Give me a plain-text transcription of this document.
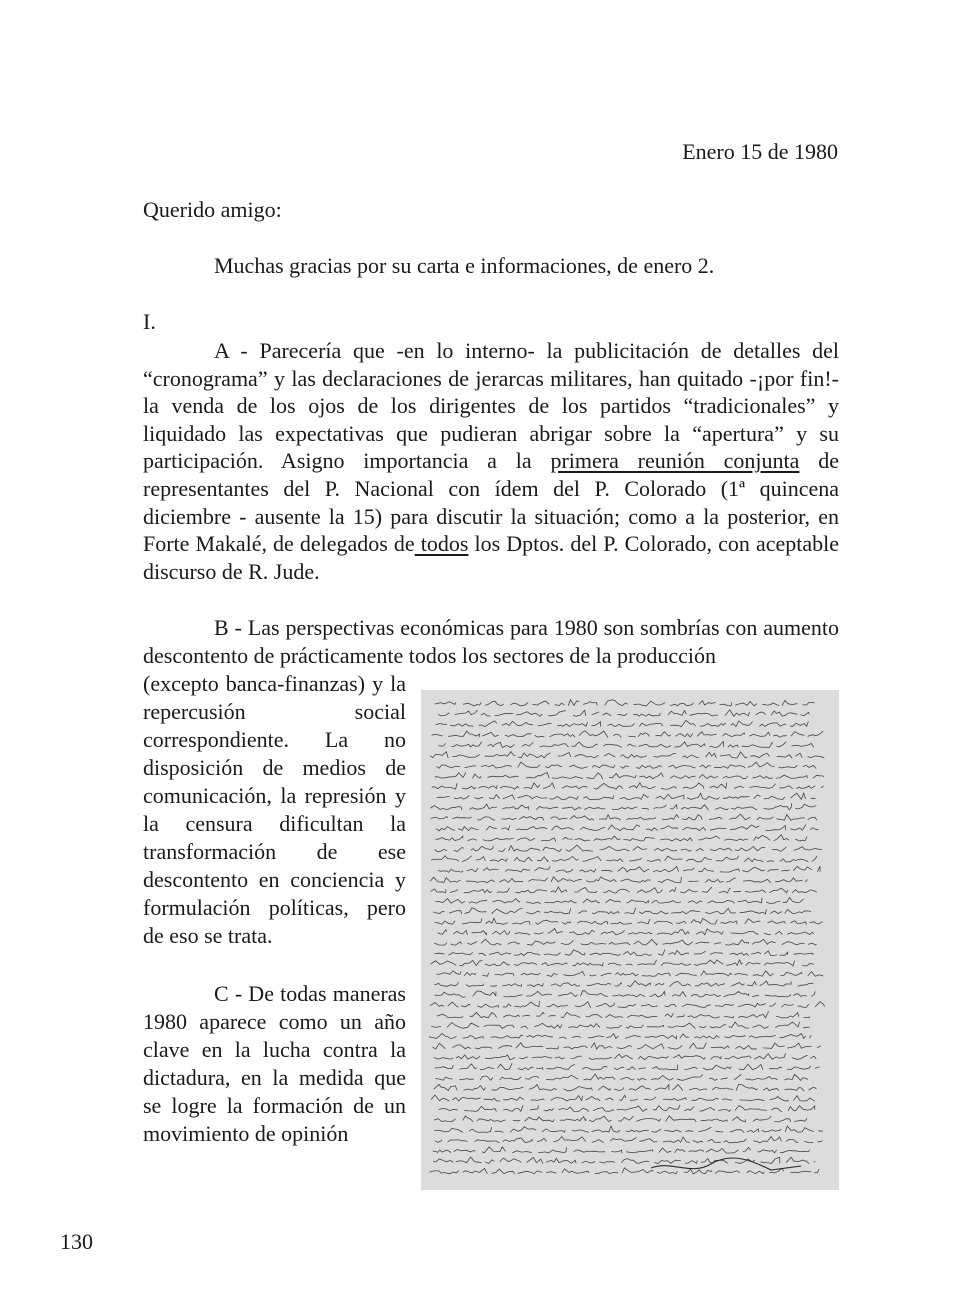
Enero 15 de 1980
Querido amigo:
Muchas gracias por su carta e informaciones, de enero 2.
I.
A - Parecería que -en lo interno- la publicitación de detalles del “cronograma” y las declaraciones de jerarcas militares, han quitado -¡por fin!- la venda de los ojos de los dirigentes de los partidos “tradicionales” y liquidado las expectativas que pudieran abrigar sobre la “apertura” y su participación. Asigno importancia a la primera reunión conjunta de representantes del P. Nacional con ídem del P. Colorado (1ª quincena diciembre - ausente la 15) para discutir la situación; como a la posterior, en Forte Makalé, de delegados de todos los Dptos. del P. Colorado, con aceptable discurso de R. Jude.
B - Las perspectivas económicas para 1980 son sombrías con aumento descontento de prácticamente todos los sectores de la producción
(excepto banca-finanzas) y la repercusión social correspondiente. La no disposición de medios de comunicación, la represión y la censura dificultan la transformación de ese descontento en conciencia y formulación políticas, pero de eso se trata.
C - De todas maneras 1980 aparece como un año clave en la lucha contra la dictadura, en la medida que se logre la formación de un movimiento de opinión
130
